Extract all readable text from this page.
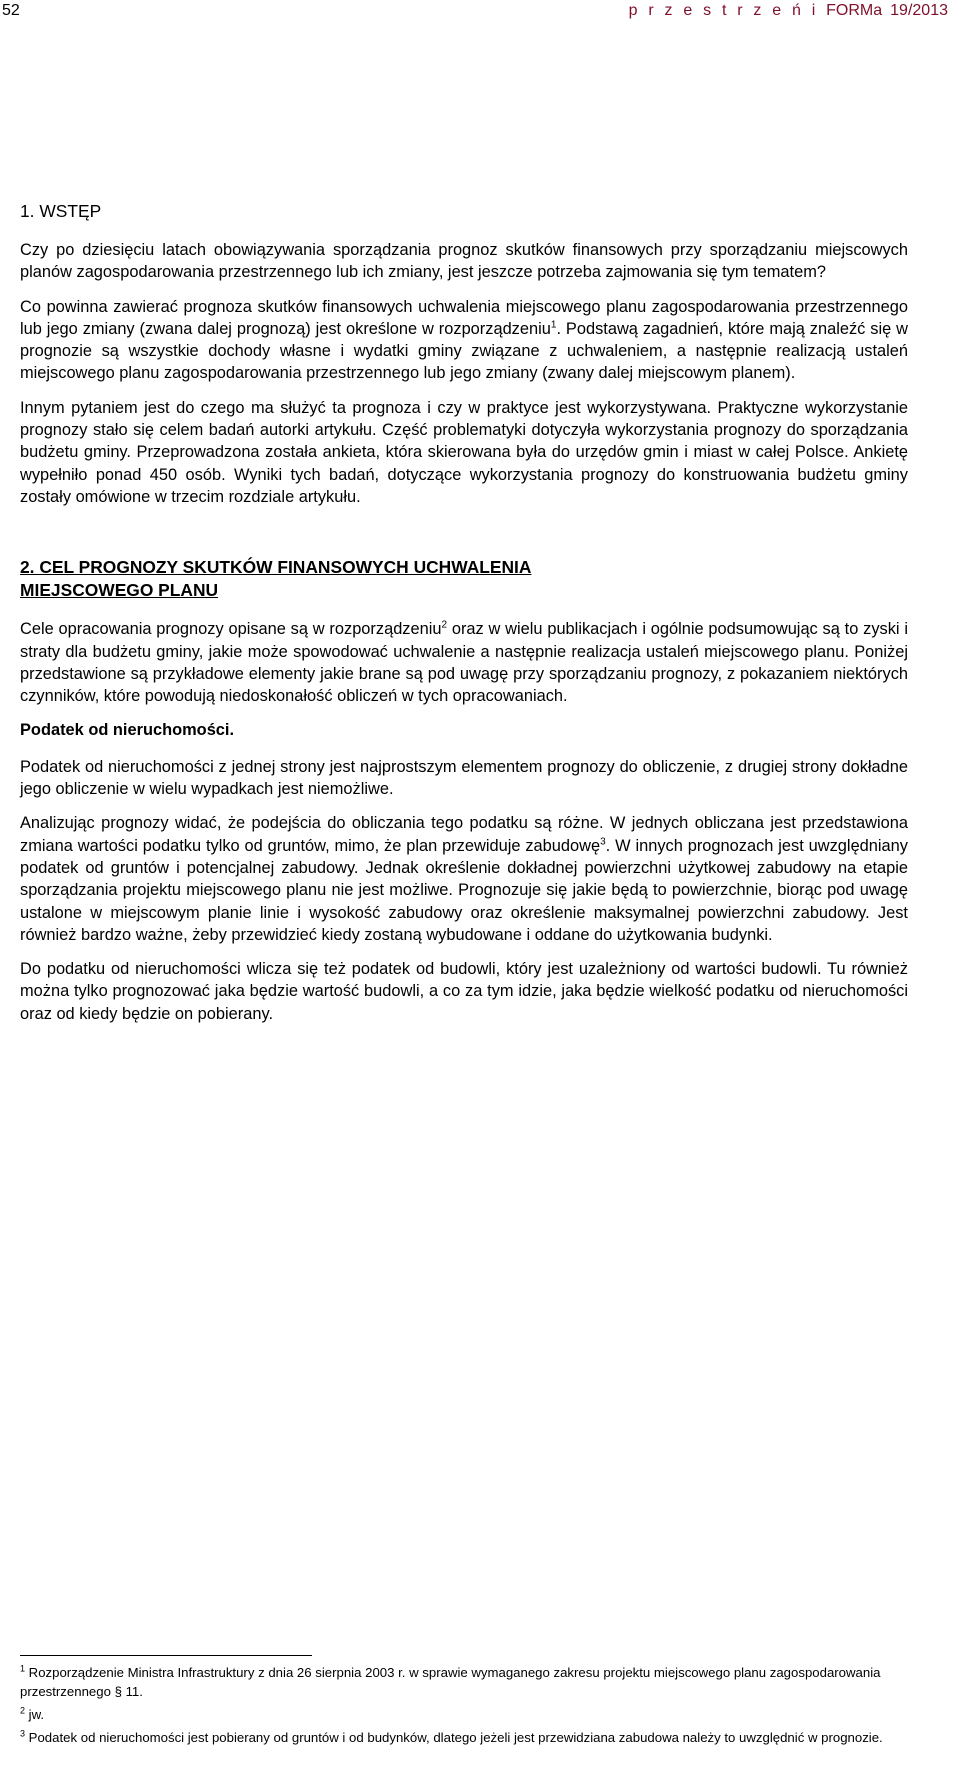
52	p r z e s t r z e ń i FORMa 19/2013
1. WSTĘP

Czy po dziesięciu latach obowiązywania sporządzania prognoz skutków finansowych przy sporządzaniu miejscowych planów zagospodarowania przestrzennego lub ich zmiany, jest jeszcze potrzeba zajmowania się tym tematem?

Co powinna zawierać prognoza skutków finansowych uchwalenia miejscowego planu zagospodarowania przestrzennego lub jego zmiany (zwana dalej prognozą) jest określone w rozporządzeniu$^1$. Podstawą zagadnień, które mają znaleźć się w prognozie są wszystkie dochody własne i wydatki gminy związane z uchwaleniem, a następnie realizacją ustaleń miejscowego planu zagospodarowania przestrzennego lub jego zmiany (zwany dalej miejscowym planem).

Innym pytaniem jest do czego ma służyć ta prognoza i czy w praktyce jest wykorzystywana. Praktyczne wykorzystanie prognozy stało się celem badań autorki artykułu. Część problematyki dotyczyła wykorzystania prognozy do sporządzania budżetu gminy. Przeprowadzona została ankieta, która skierowana była do urzędów gmin i miast w całej Polsce. Ankietę wypełniło ponad 450 osób. Wyniki tych badań, dotyczące wykorzystania prognozy do konstruowania budżetu gminy zostały omówione w trzecim rozdziale artykułu.

2. CEL PROGNOZY SKUTKÓW FINANSOWYCH UCHWALENIA
MIEJSCOWEGO PLANU

Cele opracowania prognozy opisane są w rozporządzeniu$^2$ oraz w wielu publikacjach i ogólnie podsumowując są to zyski i straty dla budżetu gminy, jakie może spowodować uchwalenie a następnie realizacja ustaleń miejscowego planu. Poniżej przedstawione są przykładowe elementy jakie brane są pod uwagę przy sporządzaniu prognozy, z pokazaniem niektórych czynników, które powodują niedoskonałość obliczeń w tych opracowaniach.

Podatek od nieruchomości.

Podatek od nieruchomości z jednej strony jest najprostszym elementem prognozy do obliczenie, z drugiej strony dokładne jego obliczenie w wielu wypadkach jest niemożliwe.

Analizując prognozy widać, że podejścia do obliczania tego podatku są różne. W jednych obliczana jest przedstawiona zmiana wartości podatku tylko od gruntów, mimo, że plan przewiduje zabudowę$^3$. W innych prognozach jest uwzględniany podatek od gruntów i potencjalnej zabudowy. Jednak określenie dokładnej powierzchni użytkowej zabudowy na etapie sporządzania projektu miejscowego planu nie jest możliwe. Prognozuje się jakie będą to powierzchnie, biorąc pod uwagę ustalone w miejscowym planie linie i wysokość zabudowy oraz określenie maksymalnej powierzchni zabudowy. Jest również bardzo ważne, żeby przewidzieć kiedy zostaną wybudowane i oddane do użytkowania budynki.

Do podatku od nieruchomości wlicza się też podatek od budowli, który jest uzależniony od wartości budowli. Tu również można tylko prognozować jaka będzie wartość budowli, a co za tym idzie, jaka będzie wielkość podatku od nieruchomości oraz od kiedy będzie on pobierany.

$^1$ Rozporządzenie Ministra Infrastruktury z dnia 26 sierpnia 2003 r. w sprawie wymaganego zakresu projektu miejscowego planu zagospodarowania przestrzennego § 11.

$^2$ jw.

$^3$ Podatek od nieruchomości jest pobierany od gruntów i od budynków, dlatego jeżeli jest przewidziana zabudowa należy to uwzględnić w prognozie.
